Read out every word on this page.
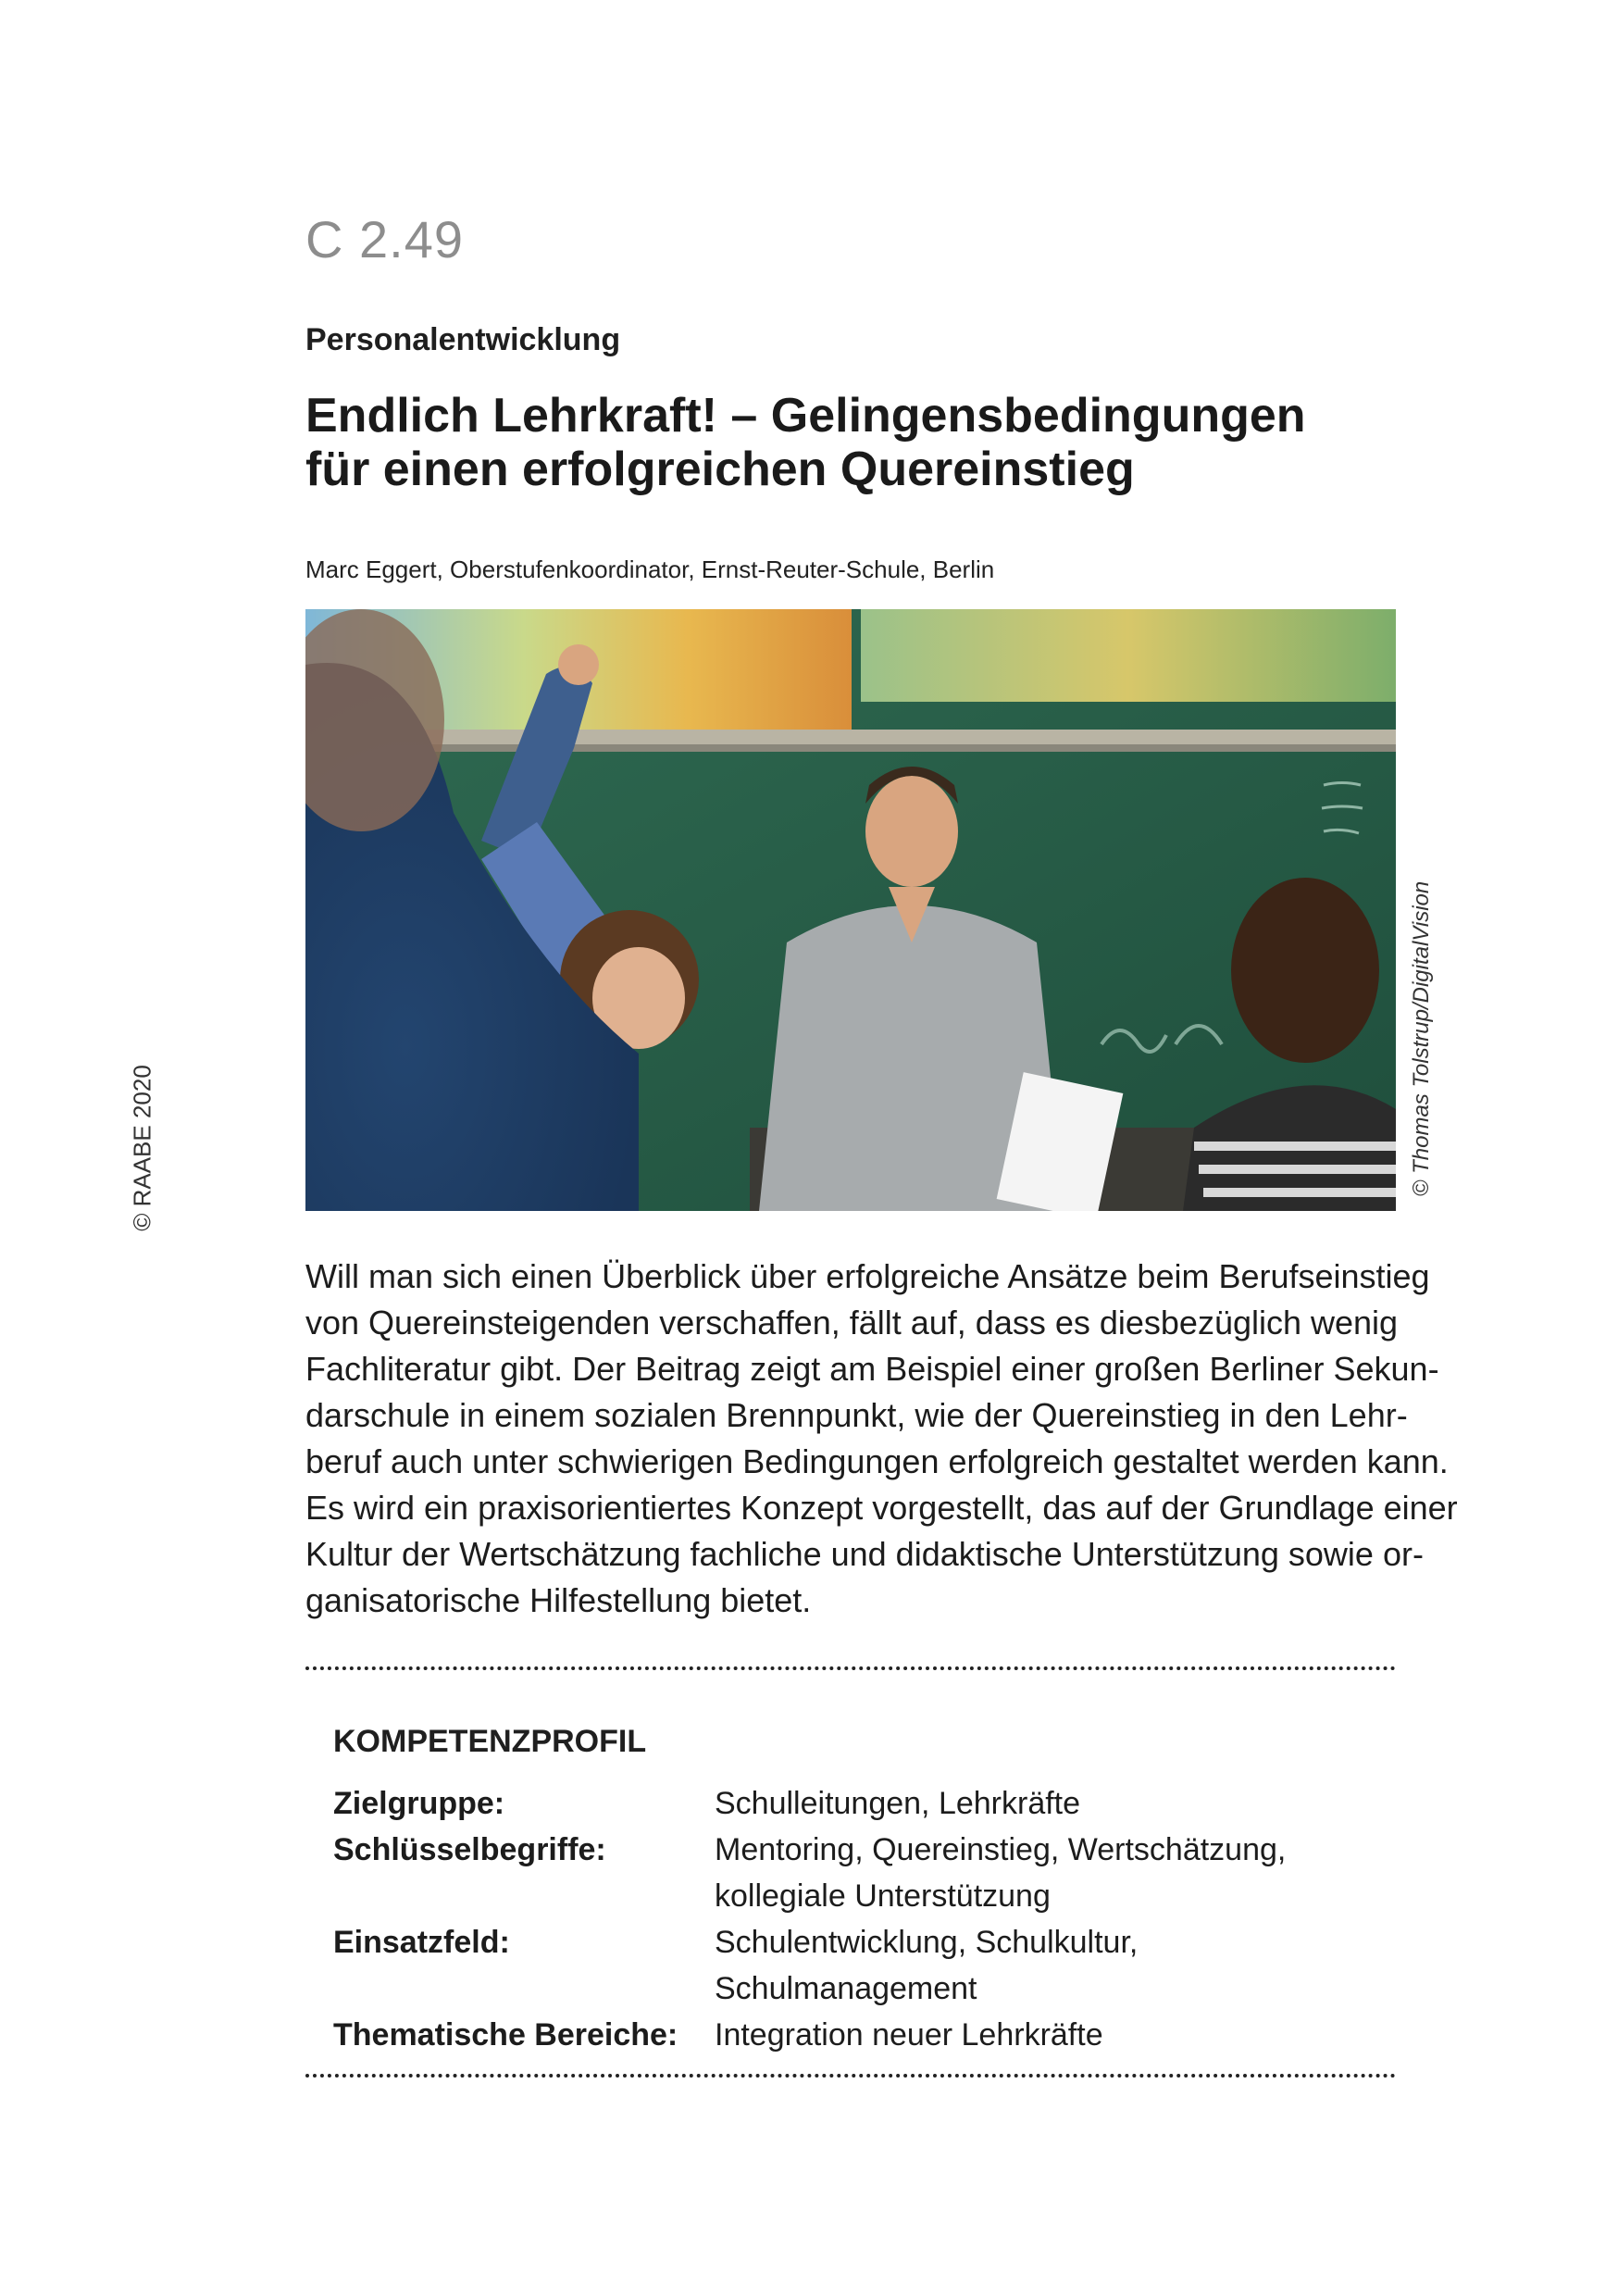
C 2.49
Personalentwicklung
Endlich Lehrkraft! – Gelingensbedingungen
für einen erfolgreichen Quereinstieg
Marc Eggert, Oberstufenkoordinator, Ernst-Reuter-Schule, Berlin
© RAABE 2020	© Thomas Tolstrup/DigitalVision
Will man sich einen Überblick über erfolgreiche Ansätze beim Berufseinstieg
von Quereinsteigenden verschaffen, fällt auf, dass es diesbezüglich wenig
Fachliteratur gibt. Der Beitrag zeigt am Beispiel einer großen Berliner Sekun-
darschule in einem sozialen Brennpunkt, wie der Quereinstieg in den Lehr-
beruf auch unter schwierigen Bedingungen erfolgreich gestaltet werden kann.
Es wird ein praxisorientiertes Konzept vorgestellt, das auf der Grundlage einer
Kultur der Wertschätzung fachliche und didaktische Unterstützung sowie or-
ganisatorische Hilfestellung bietet.
KOMPETENZPROFIL
Zielgruppe:	Schulleitungen, Lehrkräfte
Schlüsselbegriffe:	Mentoring, Quereinstieg, Wertschätzung,
kollegiale Unterstützung
Einsatzfeld:	Schulentwicklung, Schulkultur, Schulmanagement
Thematische Bereiche:	Integration neuer Lehrkräfte
